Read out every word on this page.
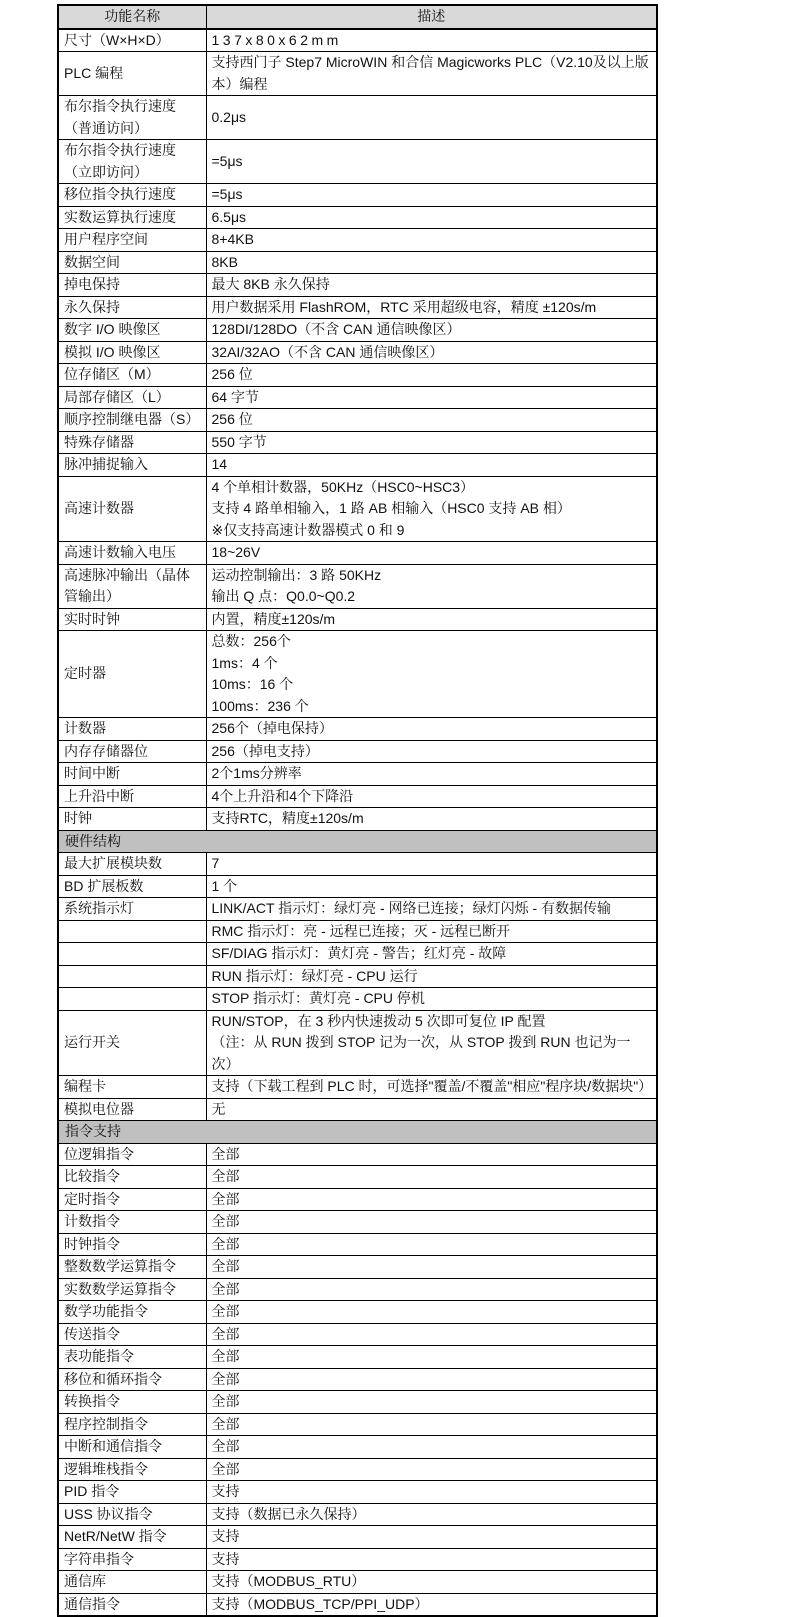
功能名称	描述
尺寸（W×H×D）	137x80x62mm

PLC 编程	支持西门子 Step7 MicroWIN 和合信 Magicworks PLC（V2.10及以上版本）编程

布尔指令执行速度（普通访问）	0.2μs

布尔指令执行速度（立即访问）	=5μs

移位指令执行速度	=5μs

实数运算执行速度	6.5μs

用户程序空间	8+4KB

数据空间	8KB

掉电保持	最大 8KB 永久保持

永久保持	用户数据采用 FlashROM，RTC 采用超级电容，精度 ±120s/m

数字 I/O 映像区	128DI/128DO（不含 CAN 通信映像区）

模拟 I/O 映像区	32AI/32AO（不含 CAN 通信映像区）

位存储区（M）	256 位

局部存储区（L）	64 字节

顺序控制继电器（S）	256 位

特殊存储器	550 字节

脉冲捕捉输入	14

高速计数器	4 个单相计数器，50KHz（HSC0~HSC3）
支持 4 路单相输入，1 路 AB 相输入（HSC0 支持 AB 相）
※仅支持高速计数器模式 0 和 9

高速计数输入电压	18~26V

高速脉冲输出（晶体管输出）	运动控制输出：3 路 50KHz
输出 Q 点：Q0.0~Q0.2

实时时钟	内置，精度±120s/m

定时器	总数：256个
1ms：4 个
10ms：16 个
100ms：236 个

计数器	256个（掉电保持）

内存存储器位	256（掉电支持）

时间中断	2个1ms分辨率

上升沿中断	4个上升沿和4个下降沿

时钟	支持RTC，精度±120s/m

硬件结构	
最大扩展模块数	7

BD 扩展板数	1 个

系统指示灯	LINK/ACT 指示灯：绿灯亮 - 网络已连接；绿灯闪烁 - 有数据传输

	RMC 指示灯：亮 - 远程已连接；灭 - 远程已断开

	SF/DIAG 指示灯：黄灯亮 - 警告；红灯亮 - 故障

	RUN 指示灯：绿灯亮 - CPU 运行

	STOP 指示灯：黄灯亮 - CPU 停机

运行开关	RUN/STOP，在 3 秒内快速拨动 5 次即可复位 IP 配置
（注：从 RUN 拨到 STOP 记为一次，从 STOP 拨到 RUN 也记为一次）

编程卡	支持（下载工程到 PLC 时，可选择"覆盖/不覆盖"相应"程序块/数据块"）

模拟电位器	无

指令支持	
位逻辑指令	全部

比较指令	全部

定时指令	全部

计数指令	全部

时钟指令	全部

整数数学运算指令	全部

实数数学运算指令	全部

数学功能指令	全部

传送指令	全部

表功能指令	全部

移位和循环指令	全部

转换指令	全部

程序控制指令	全部

中断和通信指令	全部

逻辑堆栈指令	全部

PID 指令	支持

USS 协议指令	支持（数据已永久保持）

NetR/NetW 指令	支持

字符串指令	支持

通信库	支持（MODBUS_RTU）

通信指令	支持（MODBUS_TCP/PPI_UDP）
